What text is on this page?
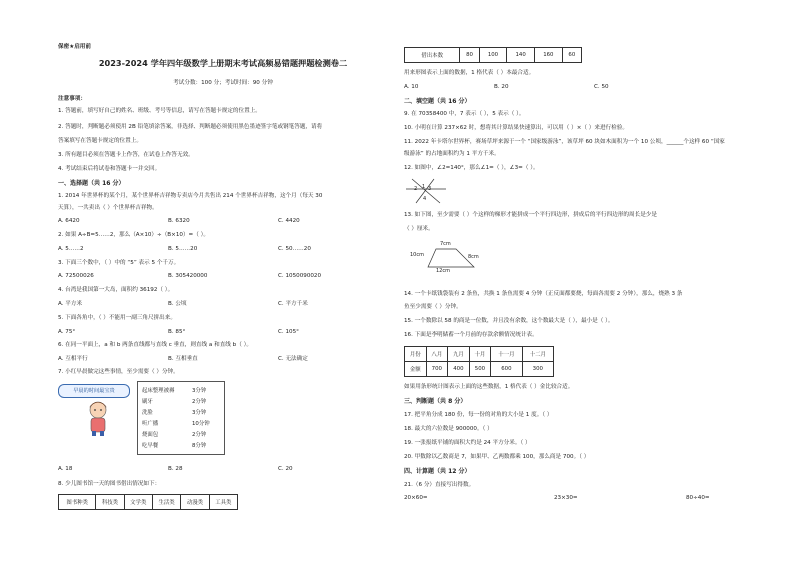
保密★启用前
2023-2024 学年四年级数学上册期末考试高频易错题押题检测卷二
考试分数：100 分；考试时间：90 分钟
注意事项：
1. 答题前，填写好自己的姓名、班级、考号等信息，请写在答题卡规定的位置上。
2. 答题时，判断题必须使用 2B 铅笔填涂答案，非选择、判断题必须使用黑色墨迹签字笔或钢笔答题，请将
答案填写在答题卡规定的位置上。
3. 所有题目必须在答题卡上作答，在试卷上作答无效。
4. 考试结束后将试卷和答题卡一并交回。
一、选择题（共 16 分）
1. 2014 年世界杯的某个月，某个世界杯吉祥物专卖店今月共售出 214 个世界杯吉祥物，这个月（每天 30
天算），一共卖出（ ）个世界杯吉祥物。
A. 6420	B. 6320	C. 4420
2. 如果 A÷B=5……2，那么（A×10）÷（B×10）=（ ）。
A. 5……2	B. 5……20	C. 50……20
3. 下面三个数中，（ ）中的 “5” 表示 5 个千万。
A. 72500026	B. 305420000	C. 1050090020
4. 台湾是我国第一大岛，面积约 36192（ ）。
A. 平方米	B. 公顷	C. 平方千米
5. 下面各角中，（ ）不能用一副三角尺拼出来。
A. 75°	B. 85°	C. 105°
6. 在同一平面上，a 和 b 两条直线都与直线 c 垂直，则直线 a 和直线 b（ ）。
A. 互相平行	B. 互相垂直	C. 无法确定
7. 小红早晨做完这些事情，至少需要（ ）分钟。
早晨的时间最宝贵	起床整理被褥	3分钟
刷牙	2分钟
洗脸	3分钟
听广播	10分钟
烧面包	2分钟
吃早餐	8分钟
A. 18	B. 28	C. 20
8. 少儿图书馆一天的图书借出情况如下：
图书种类	科技类	文学类	生活类	动漫类	工具类
借出本数	80	100	140	160	60
用来形图表示上面的数据，1 格代表（ ）本最合适。
A. 10	B. 20	C. 50
二、填空题（共 16 分）
9. 在 70358400 中，7 表示（ ），5 表示（ ）。
10. 小明在计算 237×62 时，想将其计算结果快速算出，可以用（ ）×（ ）来进行检验。
11. 2022 年卡塔尔世界杯，赛场草坪来源于一个 “国家级游泳”，该草坪 60 块如木面积为一个 10 公顷，______个这样 60 “国家
级游泳” 的占地面积约为 1 平方千米。
12. 如图中，∠2=140°，那么∠1=（ ），∠3=（ ）。
1
2 3
4
13. 如下图，至少需要（ ）个这样的梯形才能拼成一个平行四边形，拼成后的平行四边形的周长是少是
（ ）厘米。
7cm
10cm	8cm
12cm
14. 一个卡纸钱袋装有 2 条鱼，共换 1 条鱼需要 4 分钟（正反面都要烧，每面各需要 2 分钟），那么，烧熟 3 条
鱼至少需要（ ）分钟。
15. 一个数除以 58 的商是一位数，并且没有余数，这个数最大是（ ），最小是（ ）。
16. 下面是李明储蓄一个月前的存款余额情况统计表。
月份	八月	九月	十月	十一月	十二月
金额	700	400	500	600	300
如果用条形统计图表示上面的这些数据，1 格代表（ ）金比较合适。
三、判断题（共 8 分）
17. 把平角分成 180 份，每一份的对角的大小是 1 度。（ ）
18. 最大的六位数是 900000。（ ）
19. 一张报纸平铺的面积大约是 24 平方分米。（ ）
20. 甲数除以乙数商是 7，如果甲、乙两数都乘 100，那么商是 700。（ ）
四、计算题（共 12 分）
21.（6 分）直接写出得数。
20×60=	23×30=	80÷40=
